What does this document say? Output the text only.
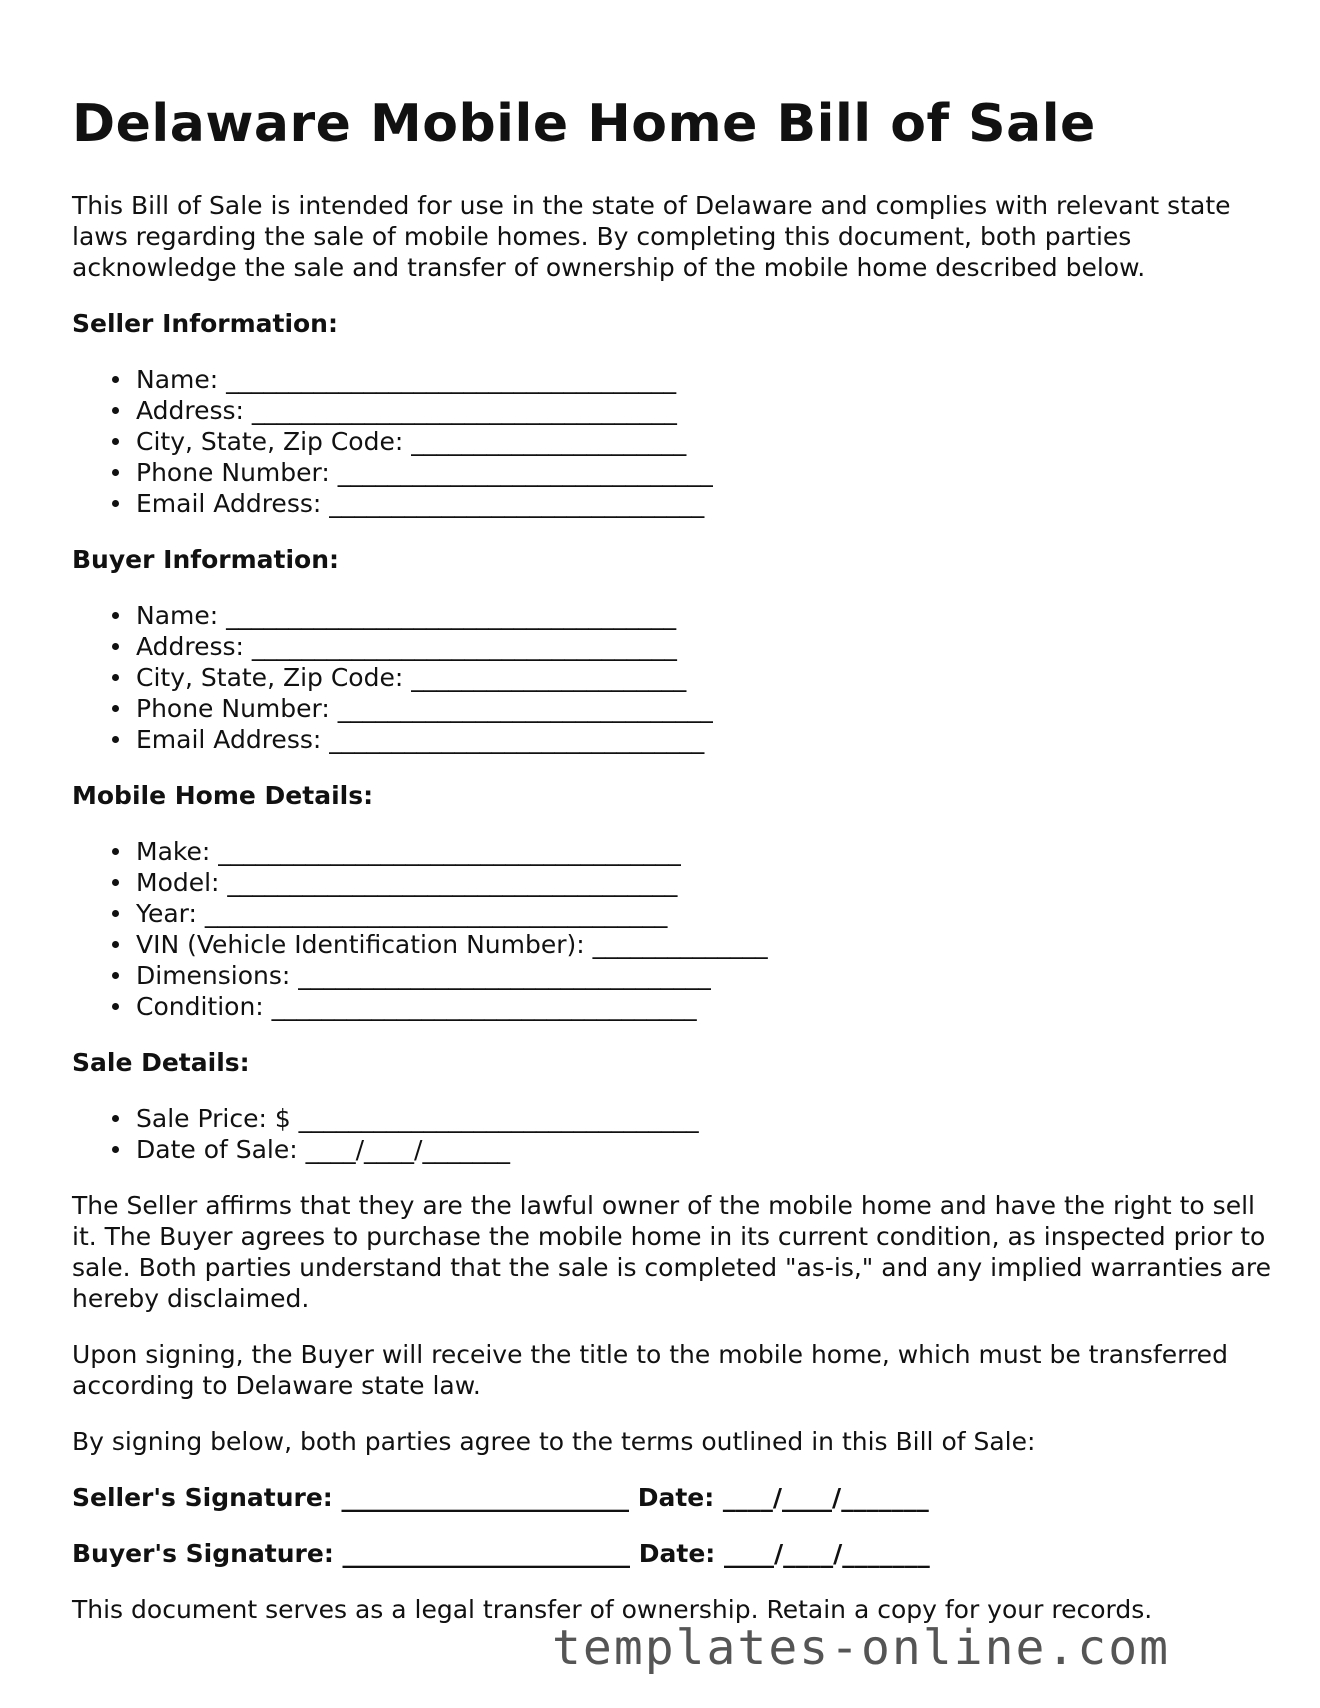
Delaware Mobile Home Bill of Sale

This Bill of Sale is intended for use in the state of Delaware and complies with relevant state laws regarding the sale of mobile homes. By completing this document, both parties acknowledge the sale and transfer of ownership of the mobile home described below.

Seller Information:
Name: ____________________________________
Address: __________________________________
City, State, Zip Code: ______________________
Phone Number: ______________________________
Email Address: ______________________________
Buyer Information:
Name: ____________________________________
Address: __________________________________
City, State, Zip Code: ______________________
Phone Number: ______________________________
Email Address: ______________________________
Mobile Home Details:
Make: _____________________________________
Model: ____________________________________
Year: _____________________________________
VIN (Vehicle Identification Number): ______________
Dimensions: _________________________________
Condition: __________________________________
Sale Details:
Sale Price: $ ________________________________
Date of Sale: ____/____/_______

The Seller affirms that they are the lawful owner of the mobile home and have the right to sell it. The Buyer agrees to purchase the mobile home in its current condition, as inspected prior to sale. Both parties understand that the sale is completed "as-is," and any implied warranties are hereby disclaimed.

Upon signing, the Buyer will receive the title to the mobile home, which must be transferred according to Delaware state law.

By signing below, both parties agree to the terms outlined in this Bill of Sale:

Seller's Signature: _______________________ Date: ____/____/_______
Buyer's Signature: _______________________ Date: ____/____/_______

This document serves as a legal transfer of ownership. Retain a copy for your records.

templates-online.com
